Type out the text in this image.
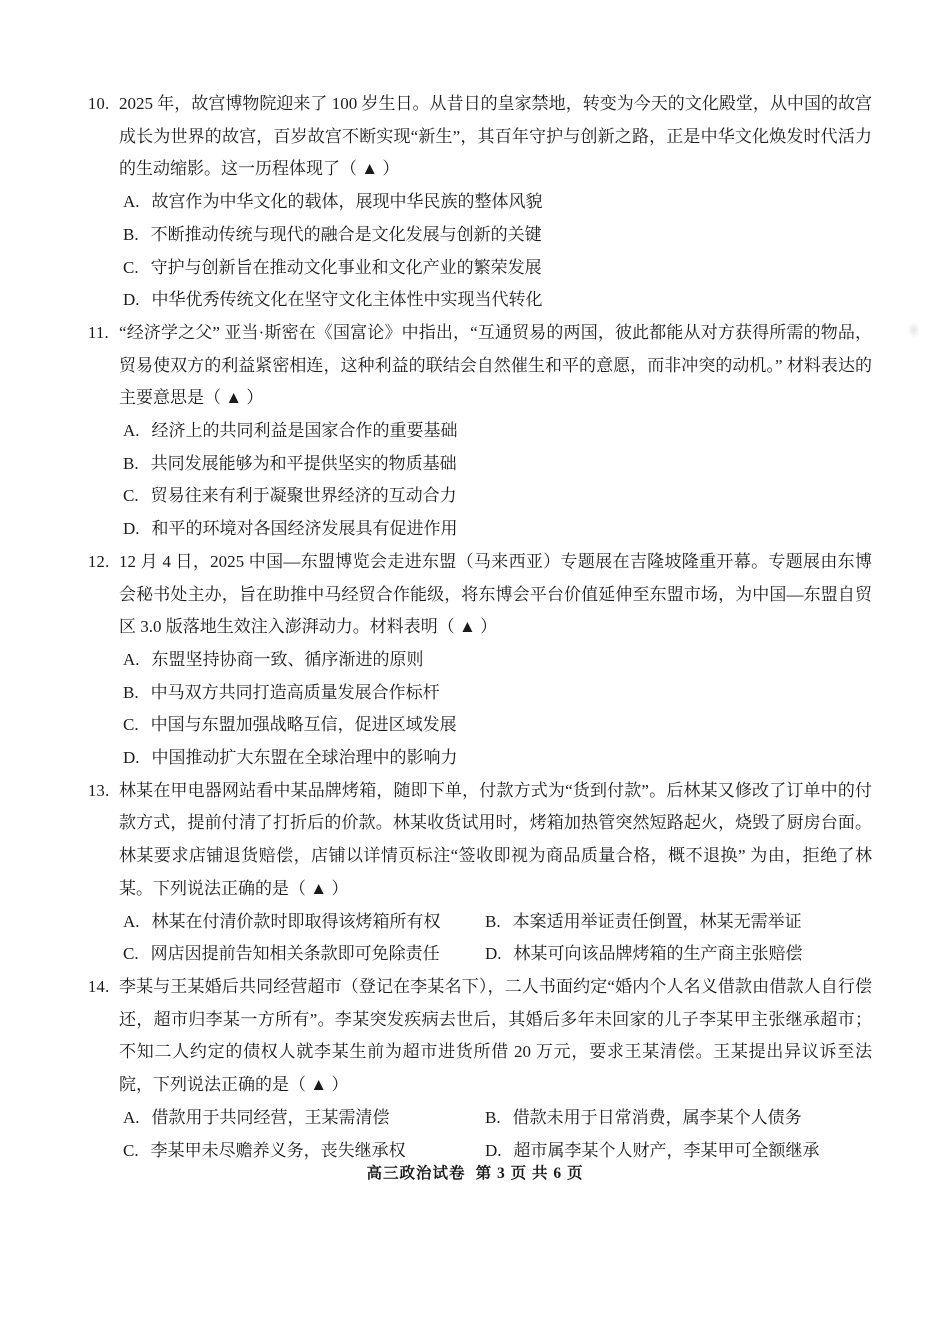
10. 2025 年，故宫博物院迎来了 100 岁生日。从昔日的皇家禁地，转变为今天的文化殿堂，从中国的故宫成长为世界的故宫，百岁故宫不断实现“新生”，其百年守护与创新之路，正是中华文化焕发时代活力的生动缩影。这一历程体现了（ ▲ ）

A. 故宫作为中华文化的载体，展现中华民族的整体风貌
B. 不断推动传统与现代的融合是文化发展与创新的关键
C. 守护与创新旨在推动文化事业和文化产业的繁荣发展
D. 中华优秀传统文化在坚守文化主体性中实现当代转化
11. “经济学之父” 亚当·斯密在《国富论》中指出，“互通贸易的两国，彼此都能从对方获得所需的物品，贸易使双方的利益紧密相连，这种利益的联结会自然催生和平的意愿，而非冲突的动机。” 材料表达的主要意思是（ ▲ ）

A. 经济上的共同利益是国家合作的重要基础
B. 共同发展能够为和平提供坚实的物质基础
C. 贸易往来有利于凝聚世界经济的互动合力
D. 和平的环境对各国经济发展具有促进作用
12. 12 月 4 日，2025 中国—东盟博览会走进东盟（马来西亚）专题展在吉隆坡隆重开幕。专题展由东博会秘书处主办，旨在助推中马经贸合作能级，将东博会平台价值延伸至东盟市场，为中国—东盟自贸区 3.0 版落地生效注入澎湃动力。材料表明（ ▲ ）

A. 东盟坚持协商一致、循序渐进的原则
B. 中马双方共同打造高质量发展合作标杆
C. 中国与东盟加强战略互信，促进区域发展
D. 中国推动扩大东盟在全球治理中的影响力
13. 林某在甲电器网站看中某品牌烤箱，随即下单，付款方式为“货到付款”。后林某又修改了订单中的付款方式，提前付清了打折后的价款。林某收货试用时，烤箱加热管突然短路起火，烧毁了厨房台面。林某要求店铺退货赔偿，店铺以详情页标注“签收即视为商品质量合格，概不退换” 为由，拒绝了林某。下列说法正确的是（ ▲ ）

A. 林某在付清价款时即取得该烤箱所有权	B. 本案适用举证责任倒置，林某无需举证
C. 网店因提前告知相关条款即可免除责任	D. 林某可向该品牌烤箱的生产商主张赔偿
14. 李某与王某婚后共同经营超市（登记在李某名下），二人书面约定“婚内个人名义借款由借款人自行偿还，超市归李某一方所有”。李某突发疾病去世后，其婚后多年未回家的儿子李某甲主张继承超市；不知二人约定的债权人就李某生前为超市进货所借 20 万元，要求王某清偿。王某提出异议诉至法院，下列说法正确的是（ ▲ ）

A. 借款用于共同经营，王某需清偿	B. 借款未用于日常消费，属李某个人债务
C. 李某甲未尽赡养义务，丧失继承权	D. 超市属李某个人财产，李某甲可全额继承
高三政治试卷 第 3 页 共 6 页
